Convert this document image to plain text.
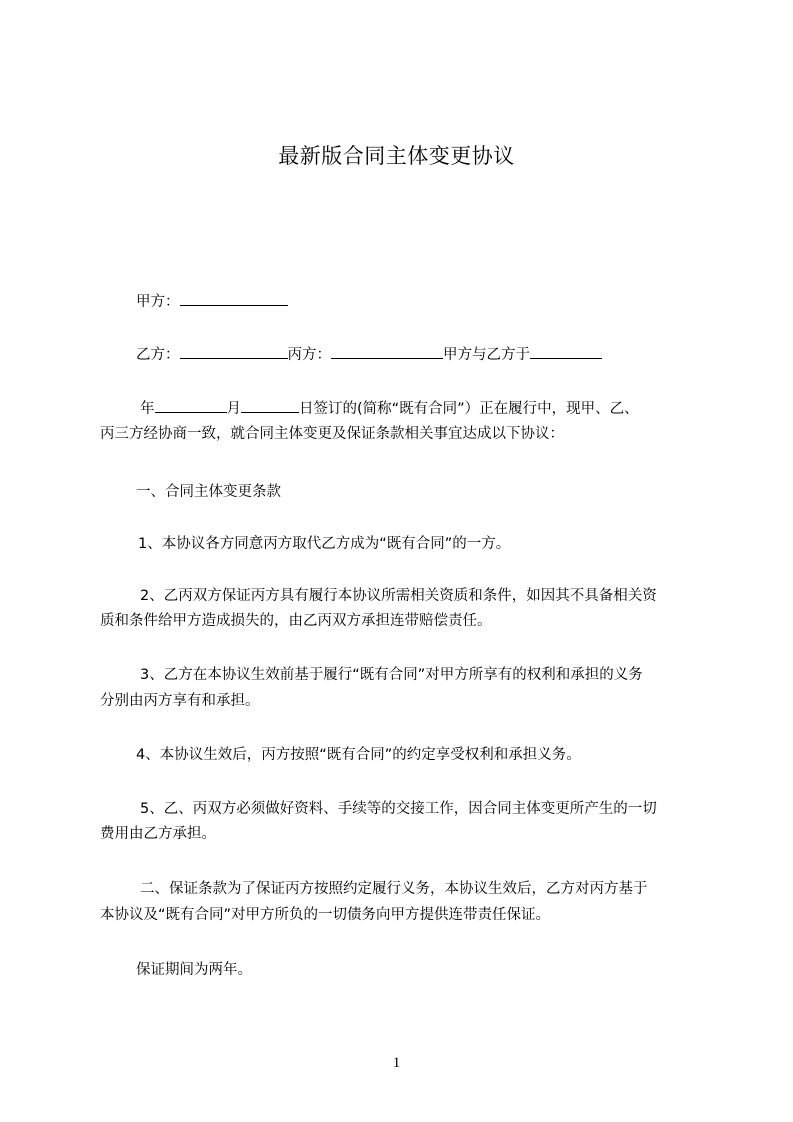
最新版合同主体变更协议
甲方：
乙方：	丙方：	甲方与乙方于
年	月	日签订的(简称“既有合同”）正在履行中，现甲、乙、
丙三方经协商一致，就合同主体变更及保证条款相关事宜达成以下协议：
一、合同主体变更条款
1、本协议各方同意丙方取代乙方成为“既有合同”的一方。
2、乙丙双方保证丙方具有履行本协议所需相关资质和条件，如因其不具备相关资
质和条件给甲方造成损失的，由乙丙双方承担连带赔偿责任。
3、乙方在本协议生效前基于履行“既有合同”对甲方所享有的权利和承担的义务
分别由丙方享有和承担。
4、本协议生效后，丙方按照“既有合同”的约定享受权利和承担义务。
5、乙、丙双方必须做好资料、手续等的交接工作，因合同主体变更所产生的一切
费用由乙方承担。
二、保证条款为了保证丙方按照约定履行义务，本协议生效后，乙方对丙方基于
本协议及“既有合同”对甲方所负的一切债务向甲方提供连带责任保证。
保证期间为两年。
1
